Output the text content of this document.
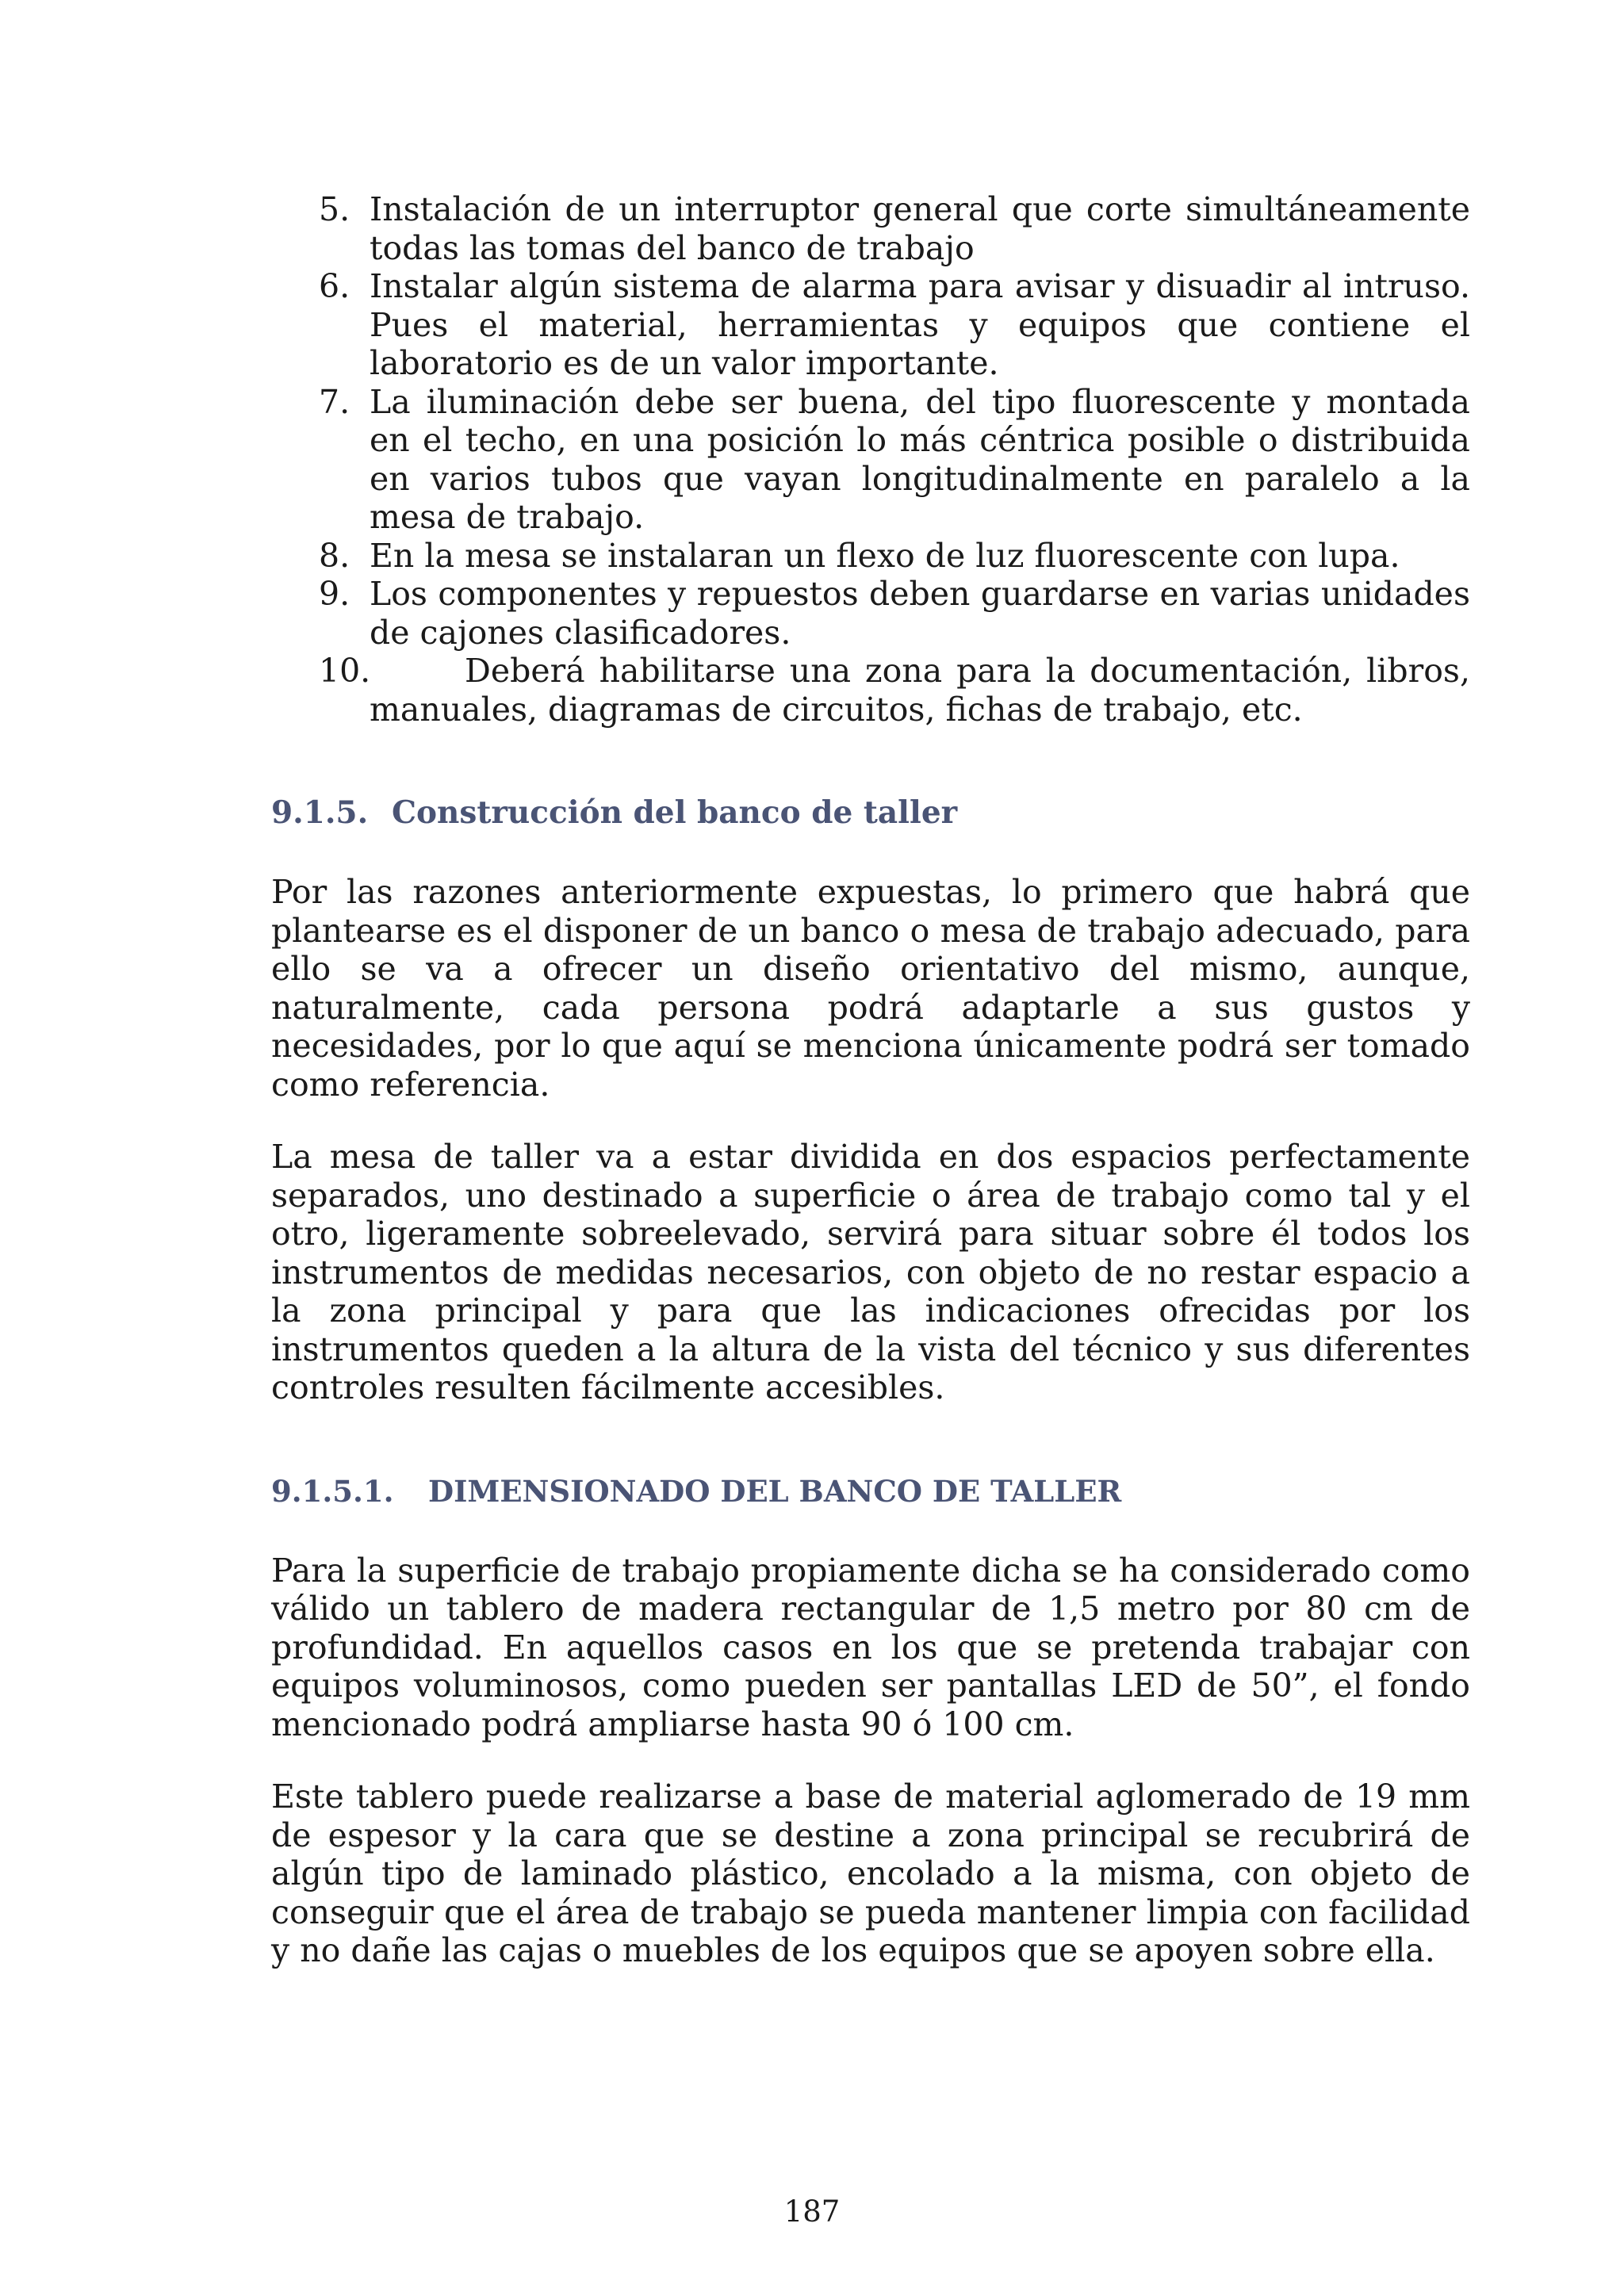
5. Instalación de un interruptor general que corte simultáneamente todas las tomas del banco de trabajo
6. Instalar algún sistema de alarma para avisar y disuadir al intruso. Pues el material, herramientas y equipos que contiene el laboratorio es de un valor importante.
7. La iluminación debe ser buena, del tipo fluorescente y montada en el techo, en una posición lo más céntrica posible o distribuida en varios tubos que vayan longitudinalmente en paralelo a la mesa de trabajo.
8. En la mesa se instalaran un flexo de luz fluorescente con lupa.
9. Los componentes y repuestos deben guardarse en varias unidades de cajones clasificadores.
10.	Deberá habilitarse una zona para la documentación, libros, manuales, diagramas de circuitos, fichas de trabajo, etc.
9.1.5. Construcción del banco de taller

Por las razones anteriormente expuestas, lo primero que habrá que plantearse es el disponer de un banco o mesa de trabajo adecuado, para ello se va a ofrecer un diseño orientativo del mismo, aunque, naturalmente, cada persona podrá adaptarle a sus gustos y necesidades, por lo que aquí se menciona únicamente podrá ser tomado como referencia.

La mesa de taller va a estar dividida en dos espacios perfectamente separados, uno destinado a superficie o área de trabajo como tal y el otro, ligeramente sobreelevado, servirá para situar sobre él todos los instrumentos de medidas necesarios, con objeto de no restar espacio a la zona principal y para que las indicaciones ofrecidas por los instrumentos queden a la altura de la vista del técnico y sus diferentes controles resulten fácilmente accesibles.

9.1.5.1. DIMENSIONADO DEL BANCO DE TALLER

Para la superficie de trabajo propiamente dicha se ha considerado como válido un tablero de madera rectangular de 1,5 metro por 80 cm de profundidad. En aquellos casos en los que se pretenda trabajar con equipos voluminosos, como pueden ser pantallas LED de 50”, el fondo mencionado podrá ampliarse hasta 90 ó 100 cm.

Este tablero puede realizarse a base de material aglomerado de 19 mm de espesor y la cara que se destine a zona principal se recubrirá de algún tipo de laminado plástico, encolado a la misma, con objeto de conseguir que el área de trabajo se pueda mantener limpia con facilidad y no dañe las cajas o muebles de los equipos que se apoyen sobre ella.

187
